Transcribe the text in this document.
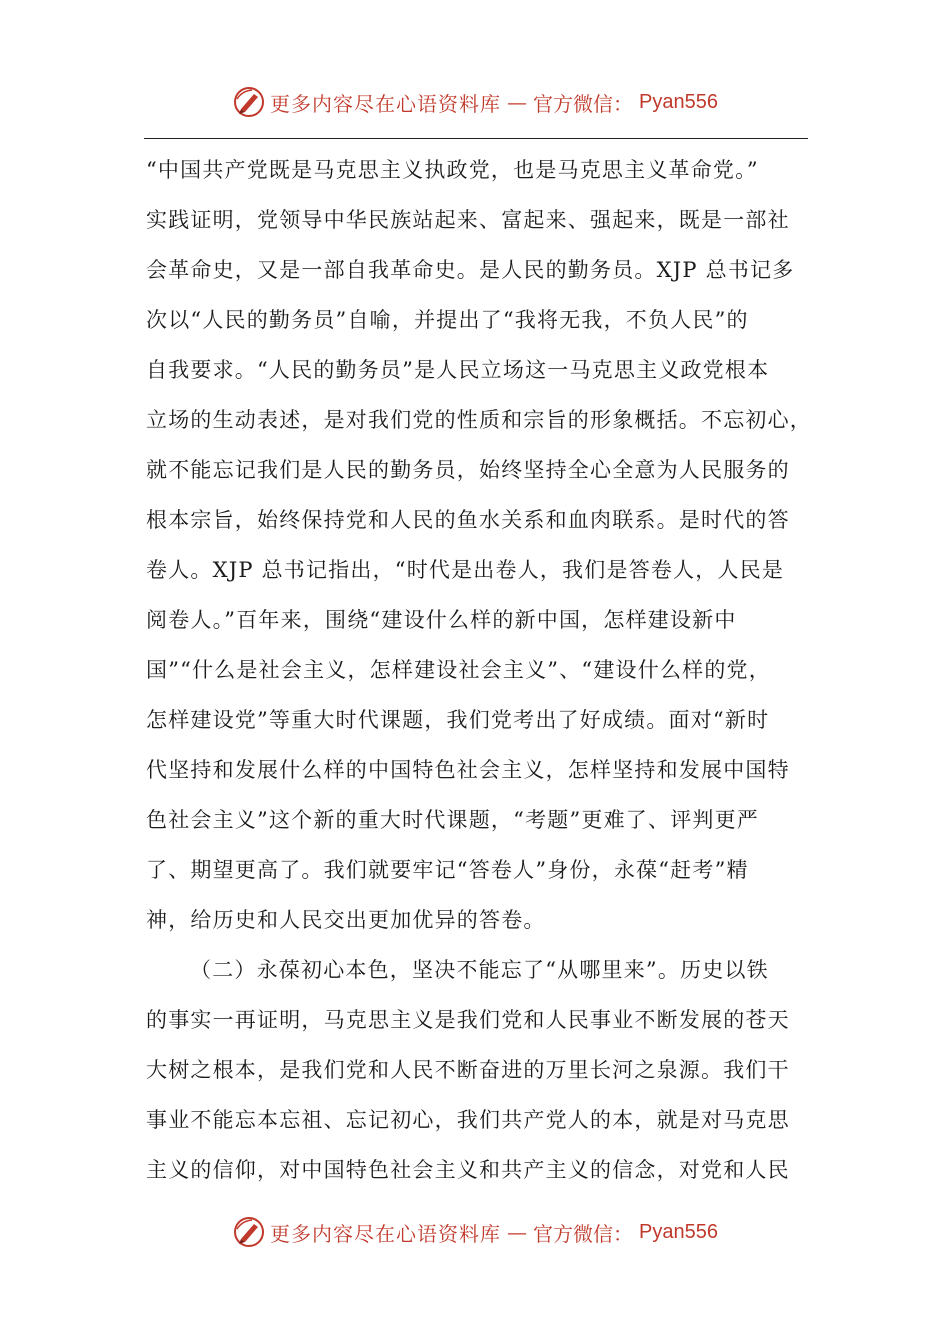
更多内容尽在心语资料库 — 官方微信： Pyan556
“中国共产党既是马克思主义执政党，也是马克思主义革命党。”
实践证明，党领导中华民族站起来、富起来、强起来，既是一部社
会革命史，又是一部自我革命史。是人民的勤务员。XJP 总书记多
次以“人民的勤务员”自喻，并提出了“我将无我，不负人民”的
自我要求。“人民的勤务员”是人民立场这一马克思主义政党根本
立场的生动表述，是对我们党的性质和宗旨的形象概括。不忘初心，
就不能忘记我们是人民的勤务员，始终坚持全心全意为人民服务的
根本宗旨，始终保持党和人民的鱼水关系和血肉联系。是时代的答
卷人。XJP 总书记指出，“时代是出卷人，我们是答卷人，人民是
阅卷人。”百年来，围绕“建设什么样的新中国，怎样建设新中
国”“什么是社会主义，怎样建设社会主义”、“建设什么样的党，
怎样建设党”等重大时代课题，我们党考出了好成绩。面对“新时
代坚持和发展什么样的中国特色社会主义，怎样坚持和发展中国特
色社会主义”这个新的重大时代课题，“考题”更难了、评判更严
了、期望更高了。我们就要牢记“答卷人”身份，永葆“赶考”精
神，给历史和人民交出更加优异的答卷。
（二）永葆初心本色，坚决不能忘了“从哪里来”。历史以铁
的事实一再证明，马克思主义是我们党和人民事业不断发展的苍天
大树之根本，是我们党和人民不断奋进的万里长河之泉源。我们干
事业不能忘本忘祖、忘记初心，我们共产党人的本，就是对马克思
主义的信仰，对中国特色社会主义和共产主义的信念，对党和人民
更多内容尽在心语资料库 — 官方微信： Pyan556
